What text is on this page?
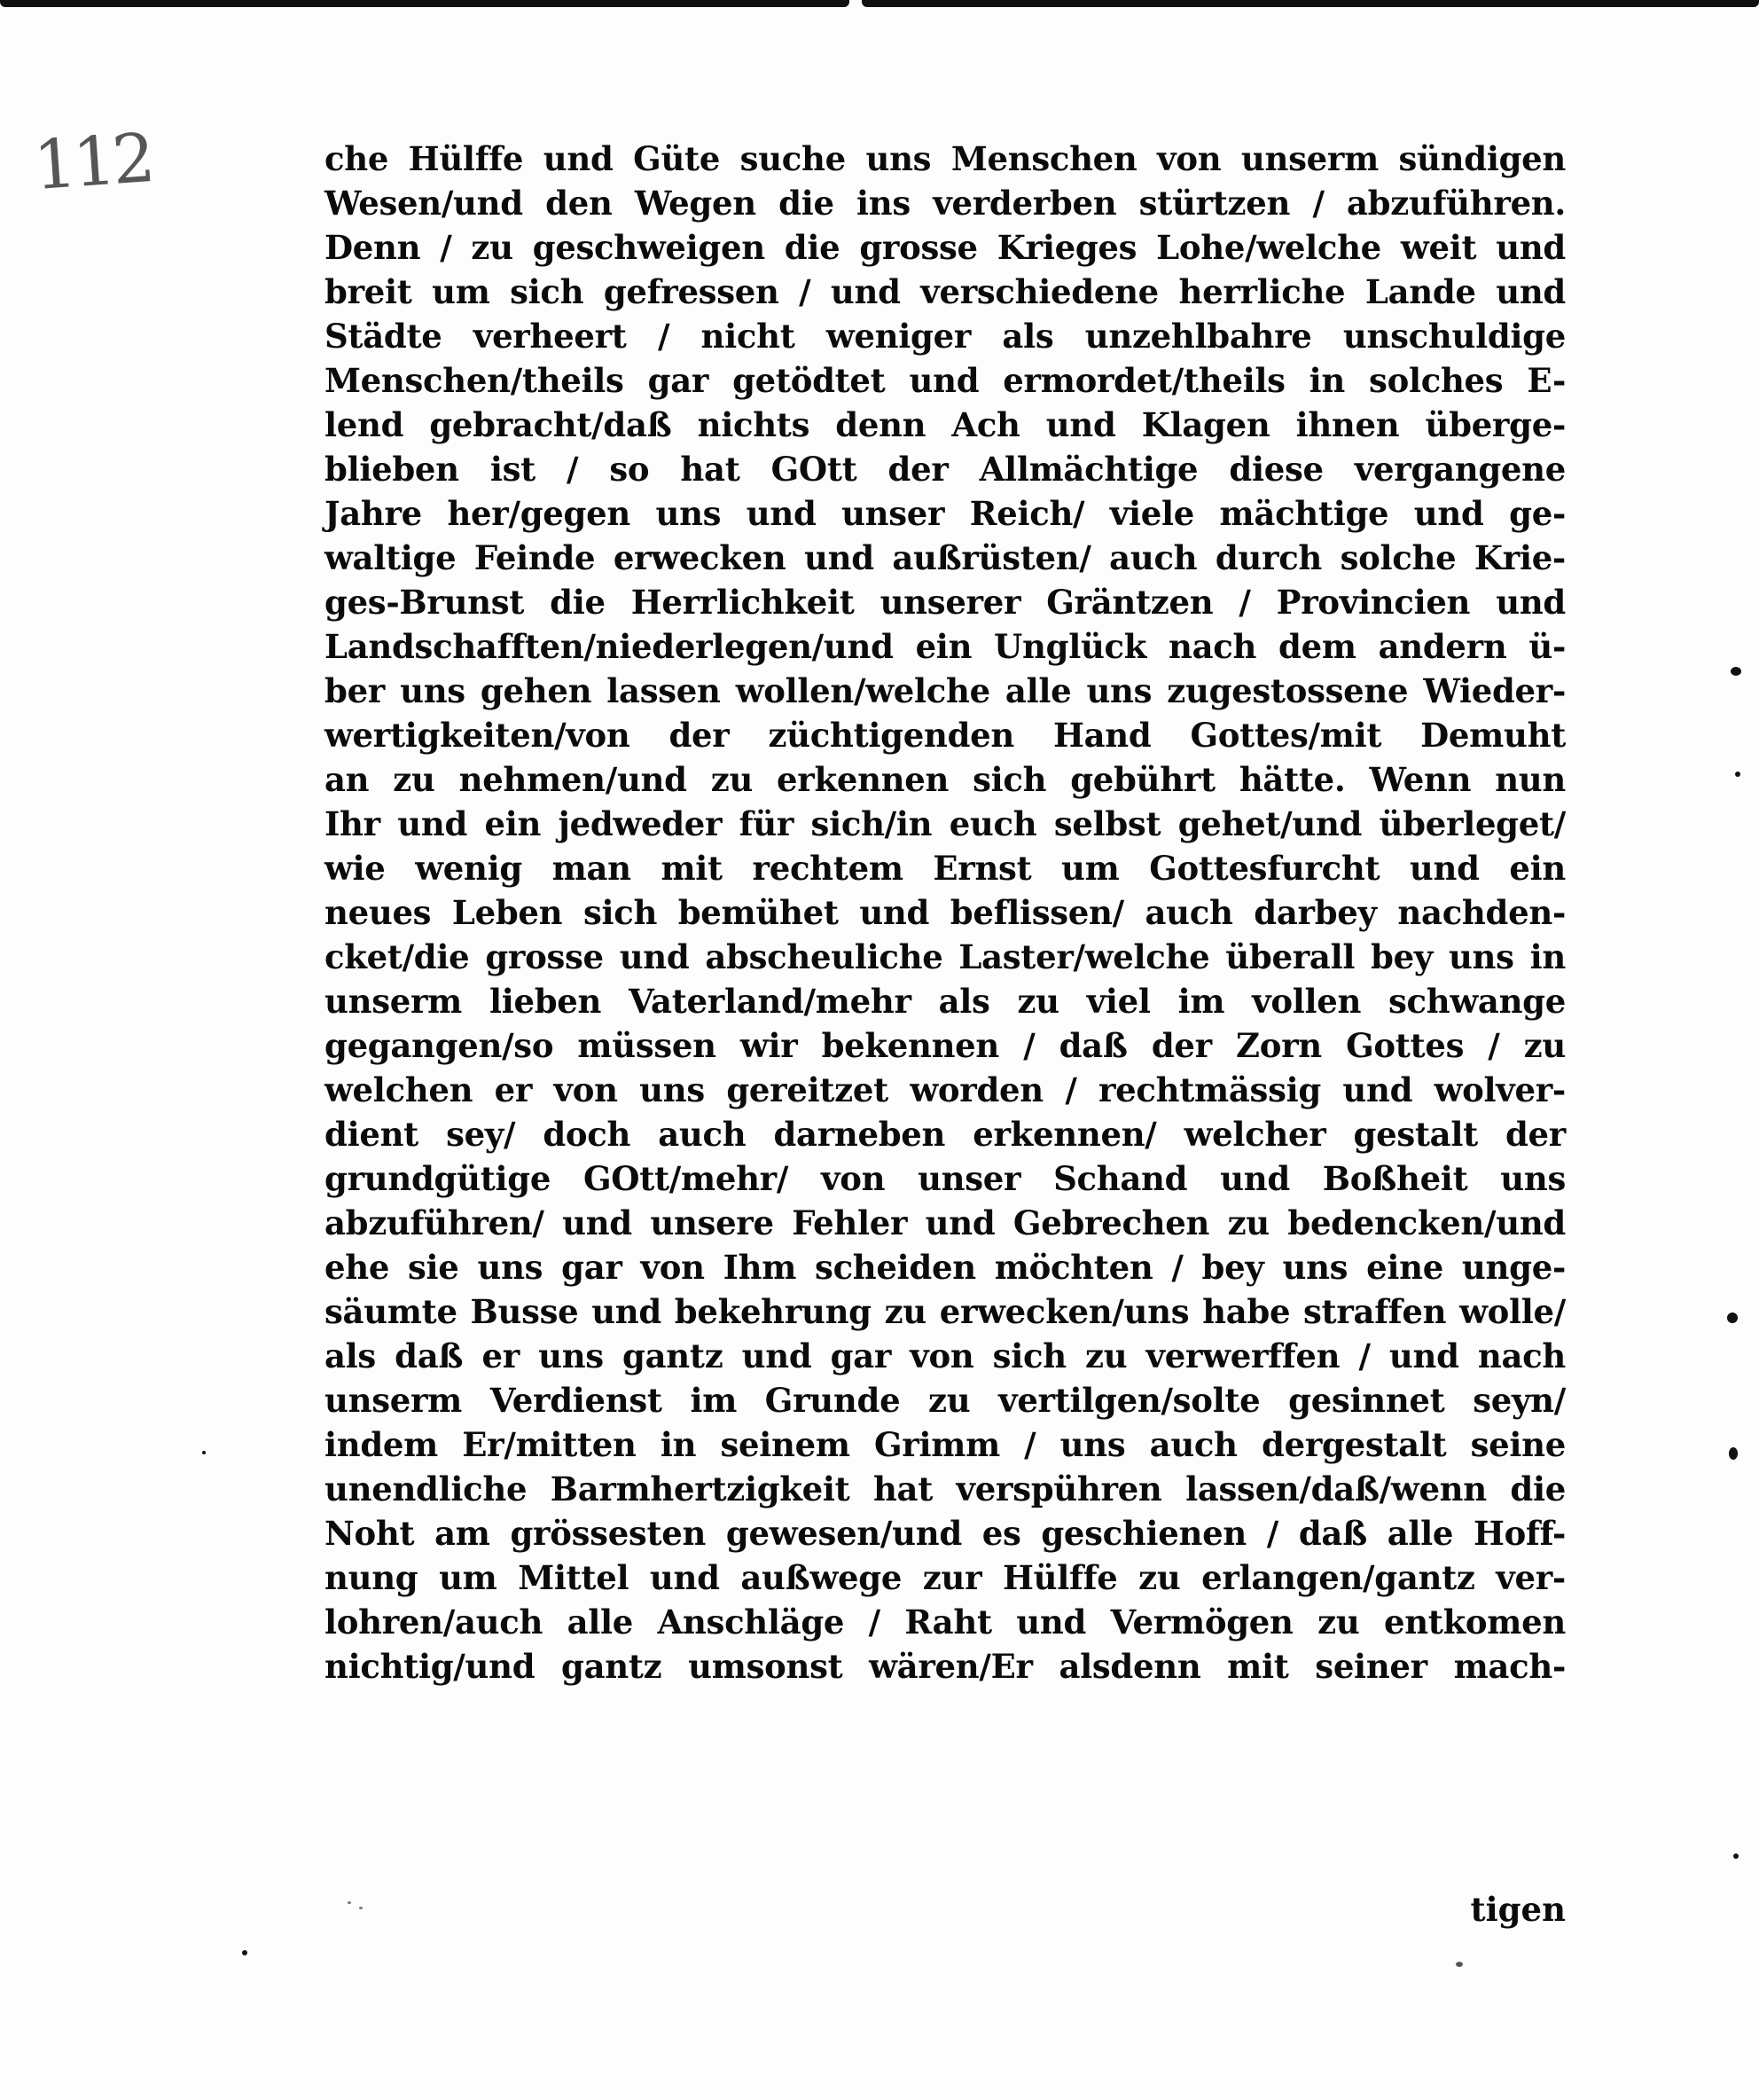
112	che Hülffe und Güte suche uns Menschen von unserm sündigen
Wesen/und den Wegen die ins verderben stürtzen / abzuführen.
Denn / zu geschweigen die grosse Krieges Lohe/welche weit und
breit um sich gefressen / und verschiedene herrliche Lande und
Städte verheert / nicht weniger als unzehlbahre unschuldige
Menschen/theils gar getödtet und ermordet/theils in solches E-
lend gebracht/daß nichts denn Ach und Klagen ihnen überge-
blieben ist / so hat GOtt der Allmächtige diese vergangene
Jahre her/gegen uns und unser Reich/ viele mächtige und ge-
waltige Feinde erwecken und außrüsten/ auch durch solche Krie-
ges-Brunst die Herrlichkeit unserer Gräntzen / Provincien und
Landschafften/niederlegen/und ein Unglück nach dem andern ü-
ber uns gehen lassen wollen/welche alle uns zugestossene Wieder-
wertigkeiten/von der züchtigenden Hand Gottes/mit Demuht
an zu nehmen/und zu erkennen sich gebührt hätte. Wenn nun
Ihr und ein jedweder für sich/in euch selbst gehet/und überleget/
wie wenig man mit rechtem Ernst um Gottesfurcht und ein
neues Leben sich bemühet und beflissen/ auch darbey nachden-
cket/die grosse und abscheuliche Laster/welche überall bey uns in
unserm lieben Vaterland/mehr als zu viel im vollen schwange
gegangen/so müssen wir bekennen / daß der Zorn Gottes / zu
welchen er von uns gereitzet worden / rechtmässig und wolver-
dient sey/ doch auch darneben erkennen/ welcher gestalt der
grundgütige GOtt/mehr/ von unser Schand und Boßheit uns
abzuführen/ und unsere Fehler und Gebrechen zu bedencken/und
ehe sie uns gar von Ihm scheiden möchten / bey uns eine unge-
säumte Busse und bekehrung zu erwecken/uns habe straffen wolle/
als daß er uns gantz und gar von sich zu verwerffen / und nach
unserm Verdienst im Grunde zu vertilgen/solte gesinnet seyn/
indem Er/mitten in seinem Grimm / uns auch dergestalt seine
unendliche Barmhertzigkeit hat verspühren lassen/daß/wenn die
Noht am grössesten gewesen/und es geschienen / daß alle Hoff-
nung um Mittel und außwege zur Hülffe zu erlangen/gantz ver-
lohren/auch alle Anschläge / Raht und Vermögen zu entkomen
nichtig/und gantz umsonst wären/Er alsdenn mit seiner mach-
tigen
